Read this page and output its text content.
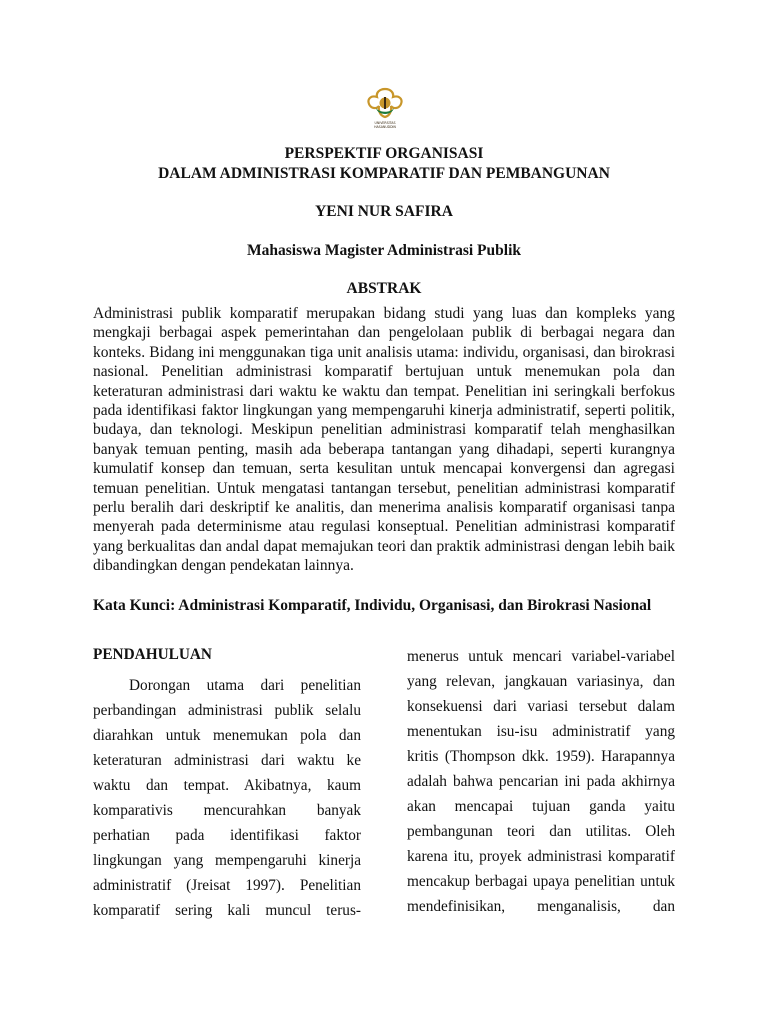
UNIVERSITAS
HASANUDDIN
PERSPEKTIF ORGANISASI
DALAM ADMINISTRASI KOMPARATIF DAN PEMBANGUNAN
YENI NUR SAFIRA
Mahasiswa Magister Administrasi Publik
ABSTRAK

Administrasi publik komparatif merupakan bidang studi yang luas dan kompleks yang mengkaji berbagai aspek pemerintahan dan pengelolaan publik di berbagai negara dan konteks. Bidang ini menggunakan tiga unit analisis utama: individu, organisasi, dan birokrasi nasional. Penelitian administrasi komparatif bertujuan untuk menemukan pola dan keteraturan administrasi dari waktu ke waktu dan tempat. Penelitian ini seringkali berfokus pada identifikasi faktor lingkungan yang mempengaruhi kinerja administratif, seperti politik, budaya, dan teknologi. Meskipun penelitian administrasi komparatif telah menghasilkan banyak temuan penting, masih ada beberapa tantangan yang dihadapi, seperti kurangnya kumulatif konsep dan temuan, serta kesulitan untuk mencapai konvergensi dan agregasi temuan penelitian. Untuk mengatasi tantangan tersebut, penelitian administrasi komparatif perlu beralih dari deskriptif ke analitis, dan menerima analisis komparatif organisasi tanpa menyerah pada determinisme atau regulasi konseptual. Penelitian administrasi komparatif yang berkualitas dan andal dapat memajukan teori dan praktik administrasi dengan lebih baik dibandingkan dengan pendekatan lainnya.

Kata Kunci: Administrasi Komparatif, Individu, Organisasi, dan Birokrasi Nasional
PENDAHULUAN
Dorongan utama dari penelitian
perbandingan administrasi publik selalu
diarahkan untuk menemukan pola dan
keteraturan administrasi dari waktu ke
waktu dan tempat. Akibatnya, kaum
komparativis mencurahkan banyak
perhatian pada identifikasi faktor
lingkungan yang mempengaruhi kinerja
administratif (Jreisat 1997). Penelitian
komparatif sering kali muncul terus-
menerus untuk mencari variabel-variabel
yang relevan, jangkauan variasinya, dan
konsekuensi dari variasi tersebut dalam
menentukan isu-isu administratif yang
kritis (Thompson dkk. 1959). Harapannya
adalah bahwa pencarian ini pada akhirnya
akan mencapai tujuan ganda yaitu
pembangunan teori dan utilitas. Oleh
karena itu, proyek administrasi komparatif
mencakup berbagai upaya penelitian untuk
mendefinisikan, menganalisis, dan
